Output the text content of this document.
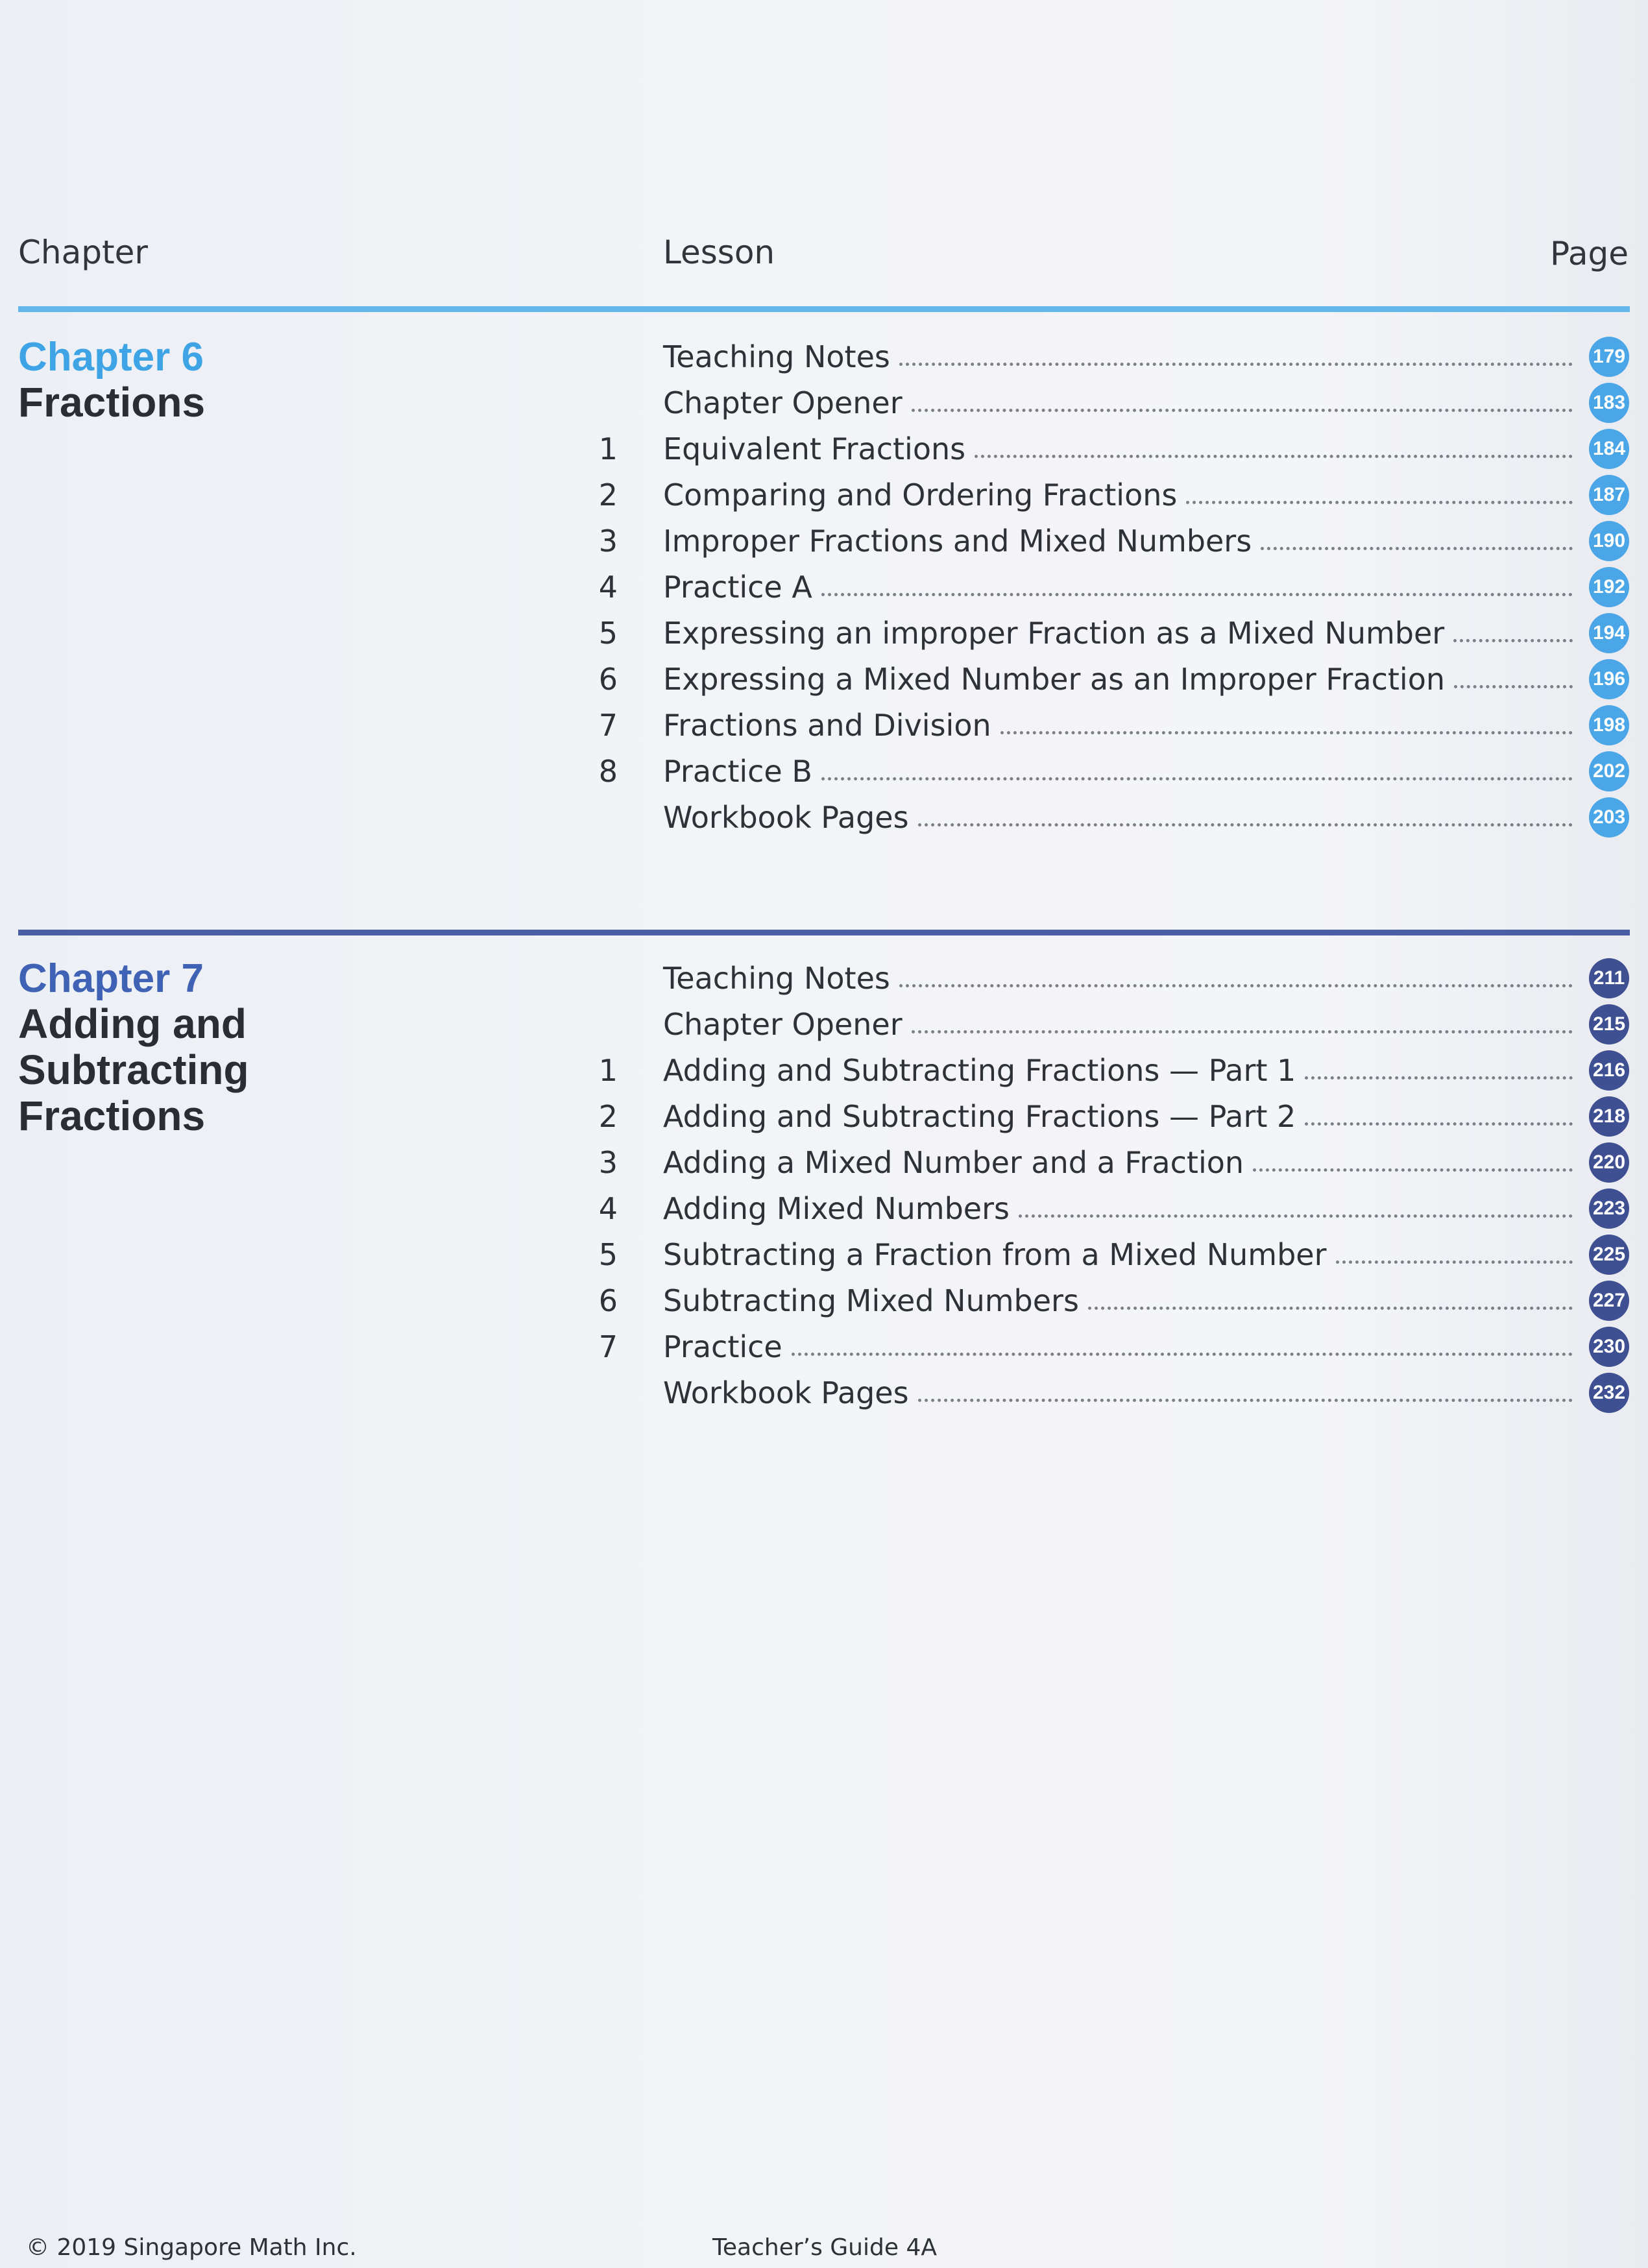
Chapter	Lesson	Page
Chapter 6
Fractions
Teaching Notes	179
Chapter Opener	183
1 Equivalent Fractions	184
2 Comparing and Ordering Fractions	187
3 Improper Fractions and Mixed Numbers	190
4 Practice A	192
5 Expressing an improper Fraction as a Mixed Number	194
6 Expressing a Mixed Number as an Improper Fraction	196
7 Fractions and Division	198
8 Practice B	202
Workbook Pages	203
Chapter 7
Adding and
Subtracting
Fractions
Teaching Notes	211
Chapter Opener	215
1 Adding and Subtracting Fractions — Part 1	216
2 Adding and Subtracting Fractions — Part 2	218
3 Adding a Mixed Number and a Fraction	220
4 Adding Mixed Numbers	223
5 Subtracting a Fraction from a Mixed Number	225
6 Subtracting Mixed Numbers	227
7 Practice	230
Workbook Pages	232
© 2019 Singapore Math Inc.	Teacher’s Guide 4A
